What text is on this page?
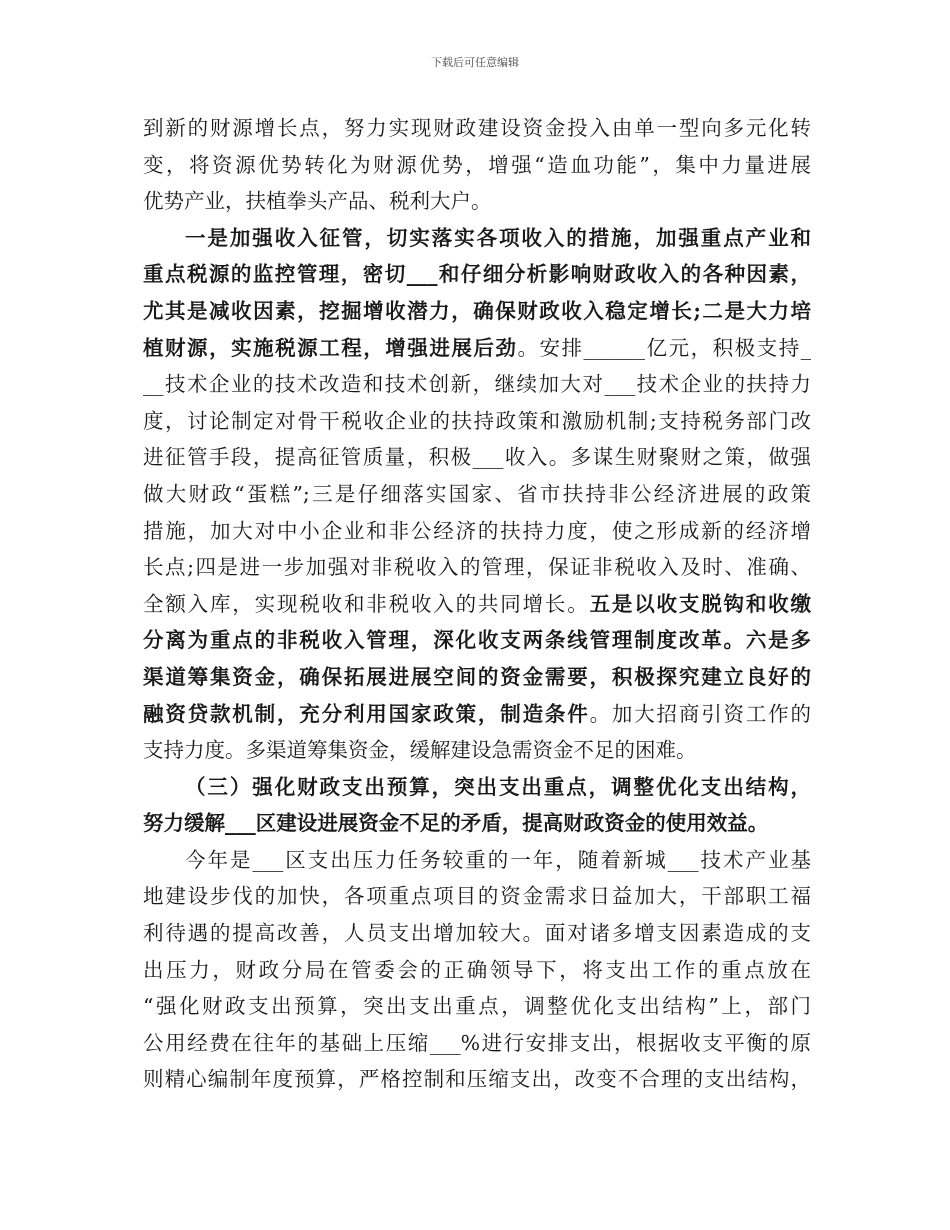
下载后可任意编辑
到新的财源增长点，努力实现财政建设资金投入由单一型向多元化转
变，将资源优势转化为财源优势，增强“造血功能”，集中力量进展
优势产业，扶植拳头产品、税利大户。
一是加强收入征管，切实落实各项收入的措施，加强重点产业和
重点税源的监控管理，密切___和仔细分析影响财政收入的各种因素，
尤其是减收因素，挖掘增收潜力，确保财政收入稳定增长;二是大力培
植财源，实施税源工程，增强进展后劲。安排______亿元，积极支持_
__技术企业的技术改造和技术创新，继续加大对___技术企业的扶持力
度，讨论制定对骨干税收企业的扶持政策和激励机制;支持税务部门改
进征管手段，提高征管质量，积极___收入。多谋生财聚财之策，做强
做大财政“蛋糕”;三是仔细落实国家、省市扶持非公经济进展的政策
措施，加大对中小企业和非公经济的扶持力度，使之形成新的经济增
长点;四是进一步加强对非税收入的管理，保证非税收入及时、准确、
全额入库，实现税收和非税收入的共同增长。五是以收支脱钩和收缴
分离为重点的非税收入管理，深化收支两条线管理制度改革。六是多
渠道筹集资金，确保拓展进展空间的资金需要，积极探究建立良好的
融资贷款机制，充分利用国家政策，制造条件。加大招商引资工作的
支持力度。多渠道筹集资金，缓解建设急需资金不足的困难。
（三）强化财政支出预算，突出支出重点，调整优化支出结构，
努力缓解___区建设进展资金不足的矛盾，提高财政资金的使用效益。
今年是___区支出压力任务较重的一年，随着新城___技术产业基
地建设步伐的加快，各项重点项目的资金需求日益加大，干部职工福
利待遇的提高改善，人员支出增加较大。面对诸多增支因素造成的支
出压力，财政分局在管委会的正确领导下，将支出工作的重点放在
“强化财政支出预算，突出支出重点，调整优化支出结构”上，部门
公用经费在往年的基础上压缩___%进行安排支出，根据收支平衡的原
则精心编制年度预算，严格控制和压缩支出，改变不合理的支出结构，
